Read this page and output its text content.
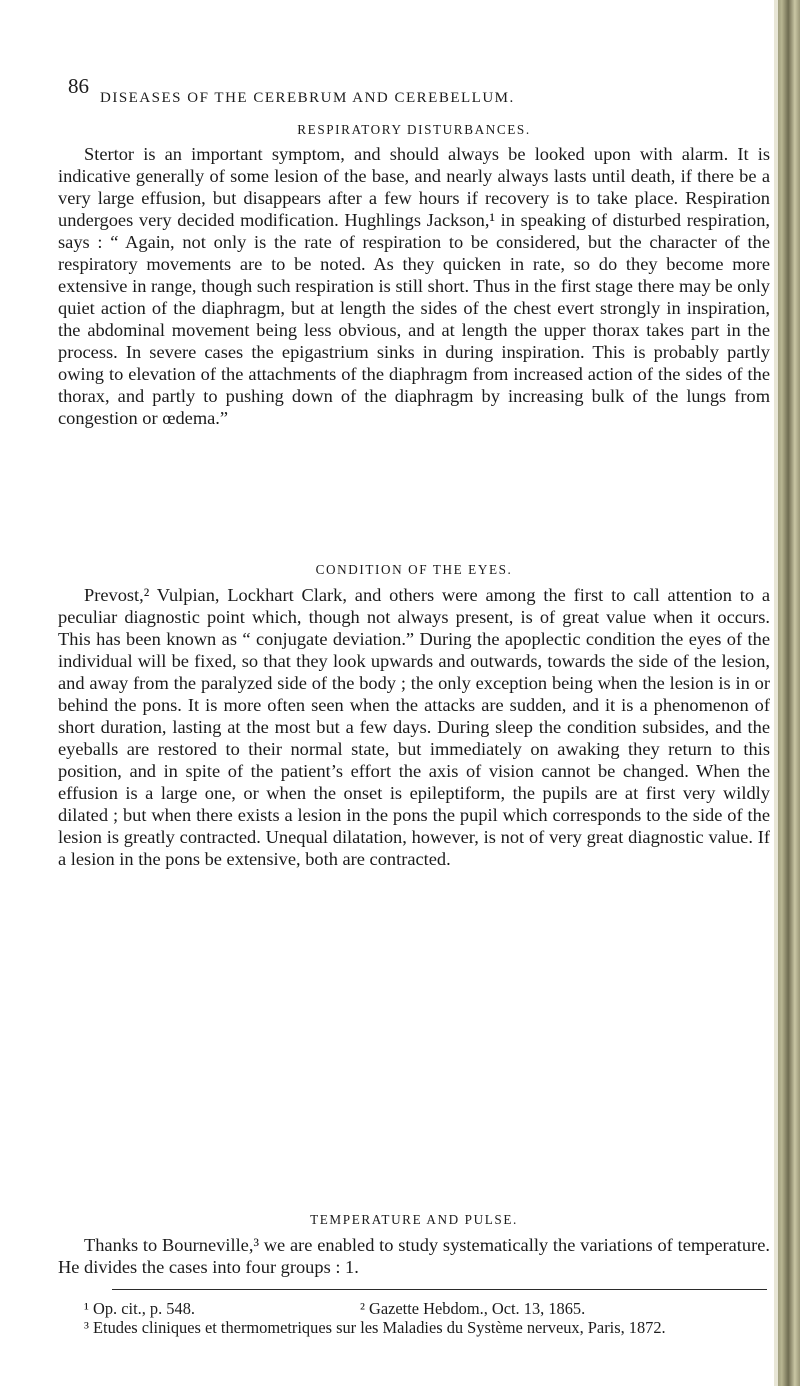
86 DISEASES OF THE CEREBRUM AND CEREBELLUM.
RESPIRATORY DISTURBANCES.

Stertor is an important symptom, and should always be looked upon with alarm. It is indicative generally of some lesion of the base, and nearly always lasts until death, if there be a very large effusion, but disappears after a few hours if recovery is to take place. Respiration undergoes very decided modification. Hughlings Jackson,¹ in speaking of disturbed respiration, says : “ Again, not only is the rate of respiration to be considered, but the character of the respiratory movements are to be noted. As they quicken in rate, so do they become more extensive in range, though such respiration is still short. Thus in the first stage there may be only quiet action of the diaphragm, but at length the sides of the chest evert strongly in inspiration, the abdominal movement being less obvious, and at length the upper thorax takes part in the process. In severe cases the epigastrium sinks in during inspiration. This is probably partly owing to elevation of the attachments of the diaphragm from increased action of the sides of the thorax, and partly to pushing down of the diaphragm by increasing bulk of the lungs from congestion or œdema.”

CONDITION OF THE EYES.

Prevost,² Vulpian, Lockhart Clark, and others were among the first to call attention to a peculiar diagnostic point which, though not always present, is of great value when it occurs. This has been known as “ conjugate deviation.” During the apoplectic condition the eyes of the individual will be fixed, so that they look upwards and outwards, towards the side of the lesion, and away from the paralyzed side of the body ; the only exception being when the lesion is in or behind the pons. It is more often seen when the attacks are sudden, and it is a phenomenon of short duration, lasting at the most but a few days. During sleep the condition subsides, and the eyeballs are restored to their normal state, but immediately on awaking they return to this position, and in spite of the patient’s effort the axis of vision cannot be changed. When the effusion is a large one, or when the onset is epileptiform, the pupils are at first very wildly dilated ; but when there exists a lesion in the pons the pupil which corresponds to the side of the lesion is greatly contracted. Unequal dilatation, however, is not of very great diagnostic value. If a lesion in the pons be extensive, both are contracted.

TEMPERATURE AND PULSE.

Thanks to Bourneville,³ we are enabled to study systematically the variations of temperature. He divides the cases into four groups : 1.

¹ Op. cit., p. 548.	² Gazette Hebdom., Oct. 13, 1865.
³ Etudes cliniques et thermometriques sur les Maladies du Système nerveux, Paris, 1872.
